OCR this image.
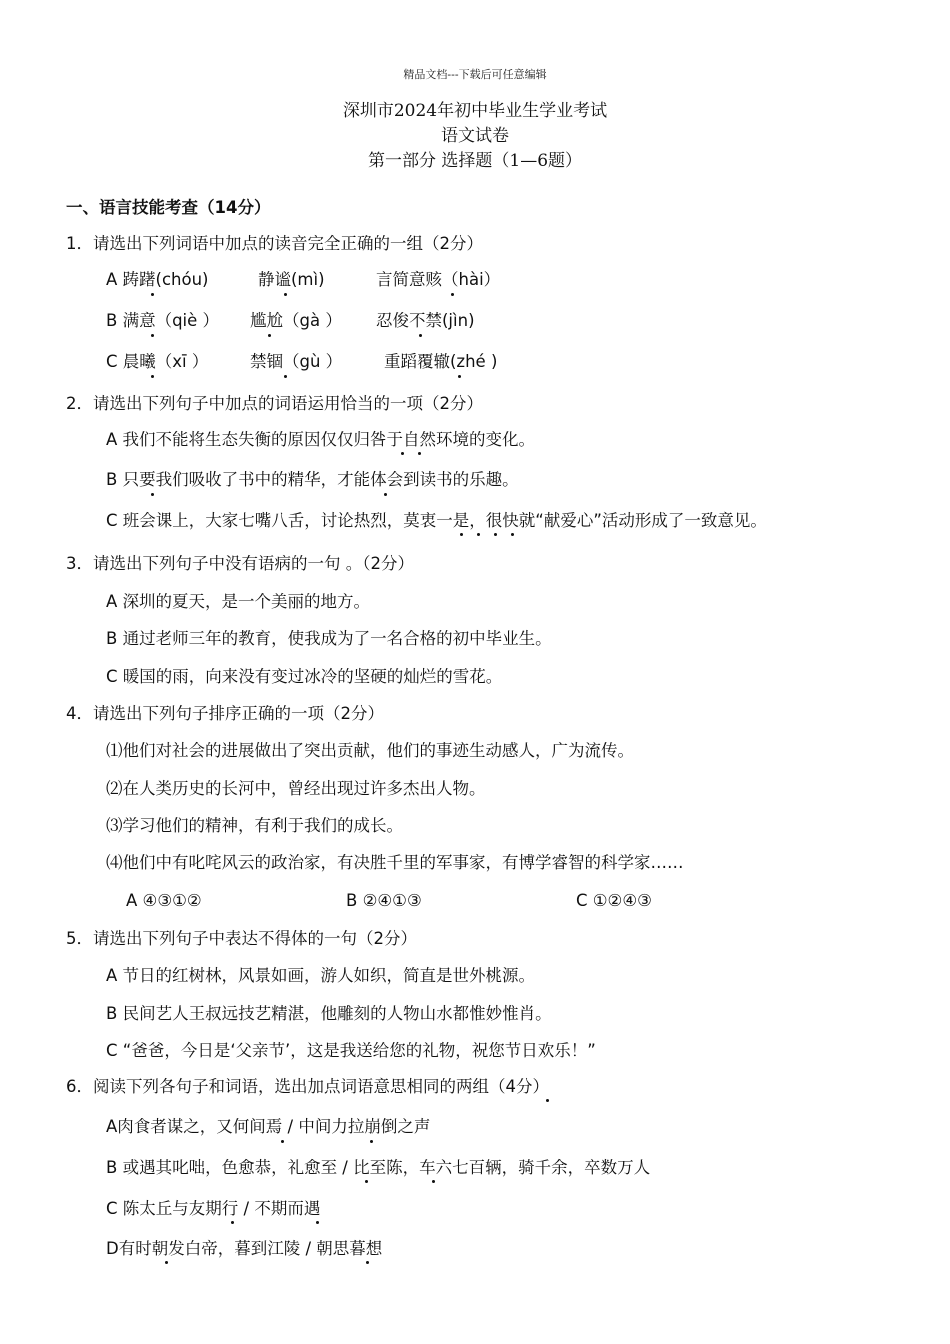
精品文档---下载后可任意编辑
深圳市2024年初中毕业生学业考试
语文试卷
第一部分 选择题（1—6题）
一、语言技能考查（14分）
1．请选出下列词语中加点的读音完全正确的一组（2分）
A 踌躇(chóu)	静谧(mì)	言简意赅（hài）
B 满意（qiè ） 尴尬（gà ） 忍俊不禁(jìn)
C 晨曦（xī ）	禁锢（gù ）	重蹈覆辙(zhé )
2．请选出下列句子中加点的词语运用恰当的一项（2分）
A 我们不能将生态失衡的原因仅仅归咎于自然环境的变化。
B 只要我们吸收了书中的精华，才能体会到读书的乐趣。
C 班会课上，大家七嘴八舌，讨论热烈，莫衷一是，很快就“献爱心”活动形成了一致意见。
3．请选出下列句子中没有语病的一句 。（2分）
A 深圳的夏天，是一个美丽的地方。
B 通过老师三年的教育，使我成为了一名合格的初中毕业生。
C 暖国的雨，向来没有变过冰冷的坚硬的灿烂的雪花。
4．请选出下列句子排序正确的一项（2分）
⑴他们对社会的进展做出了突出贡献，他们的事迹生动感人，广为流传。
⑵在人类历史的长河中，曾经出现过许多杰出人物。
⑶学习他们的精神，有利于我们的成长。
⑷他们中有叱咤风云的政治家，有决胜千里的军事家，有博学睿智的科学家……
A ④③①②	B ②④①③	C ①②④③
5．请选出下列句子中表达不得体的一句（2分）
A 节日的红树林，风景如画，游人如织，简直是世外桃源。
B 民间艺人王叔远技艺精湛，他雕刻的人物山水都惟妙惟肖。
C “爸爸，今日是‘父亲节’，这是我送给您的礼物，祝您节日欢乐！”
6．阅读下列各句子和词语，选出加点词语意思相同的两组（4分）
A肉食者谋之，又何间焉 / 中间力拉崩倒之声
B 或遇其叱咄，色愈恭，礼愈至 / 比至陈，车六七百辆，骑千余，卒数万人
C 陈太丘与友期行 / 不期而遇
D有时朝发白帝，暮到江陵 / 朝思暮想
